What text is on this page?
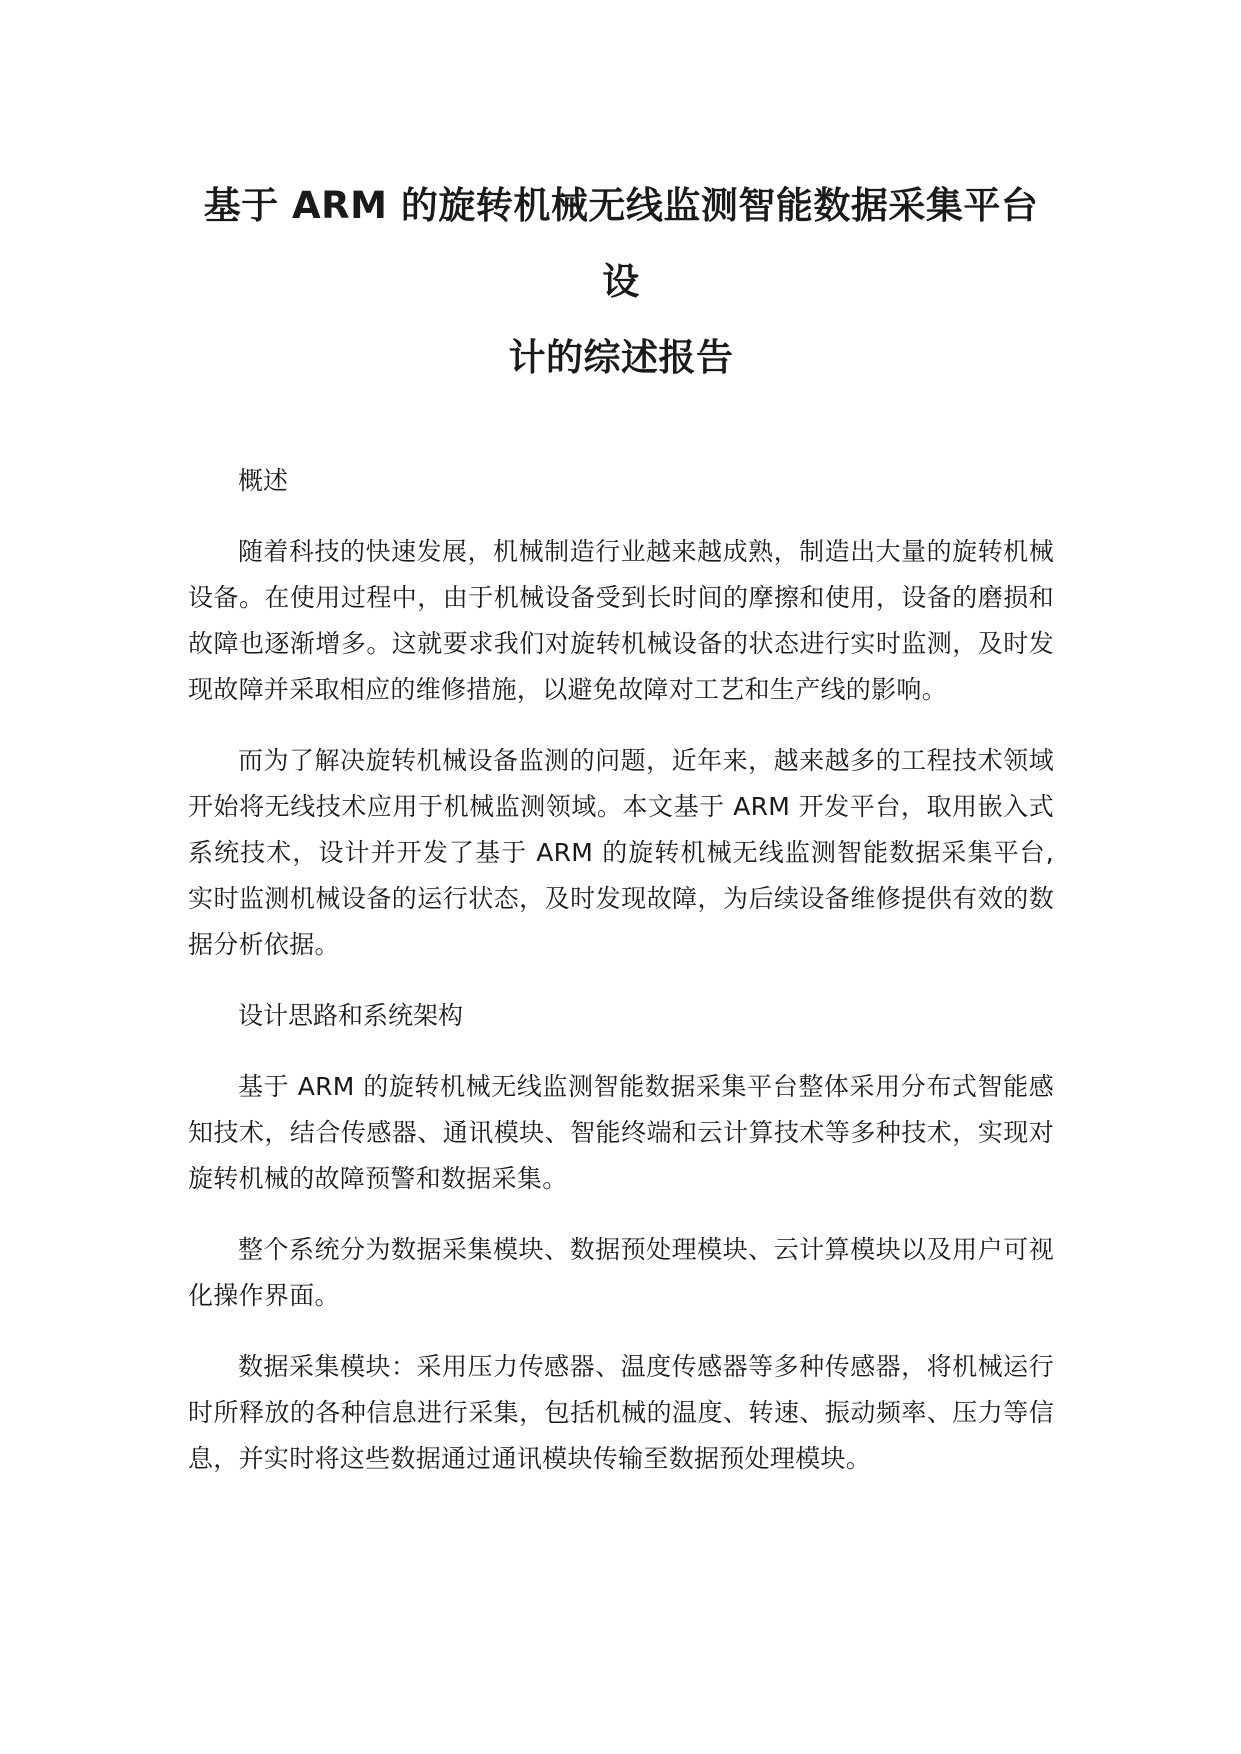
基于 ARM 的旋转机械无线监测智能数据采集平台设
计的综述报告
概述

随着科技的快速发展，机械制造行业越来越成熟，制造出大量的旋转机械设备。在使用过程中，由于机械设备受到长时间的摩擦和使用，设备的磨损和故障也逐渐增多。这就要求我们对旋转机械设备的状态进行实时监测，及时发现故障并采取相应的维修措施，以避免故障对工艺和生产线的影响。

而为了解决旋转机械设备监测的问题，近年来，越来越多的工程技术领域开始将无线技术应用于机械监测领域。本文基于 ARM 开发平台，取用嵌入式系统技术，设计并开发了基于 ARM 的旋转机械无线监测智能数据采集平台, 实时监测机械设备的运行状态，及时发现故障，为后续设备维修提供有效的数据分析依据。

设计思路和系统架构

基于 ARM 的旋转机械无线监测智能数据采集平台整体采用分布式智能感知技术，结合传感器、通讯模块、智能终端和云计算技术等多种技术，实现对旋转机械的故障预警和数据采集。

整个系统分为数据采集模块、数据预处理模块、云计算模块以及用户可视化操作界面。

数据采集模块：采用压力传感器、温度传感器等多种传感器，将机械运行时所释放的各种信息进行采集，包括机械的温度、转速、振动频率、压力等信息，并实时将这些数据通过通讯模块传输至数据预处理模块。
